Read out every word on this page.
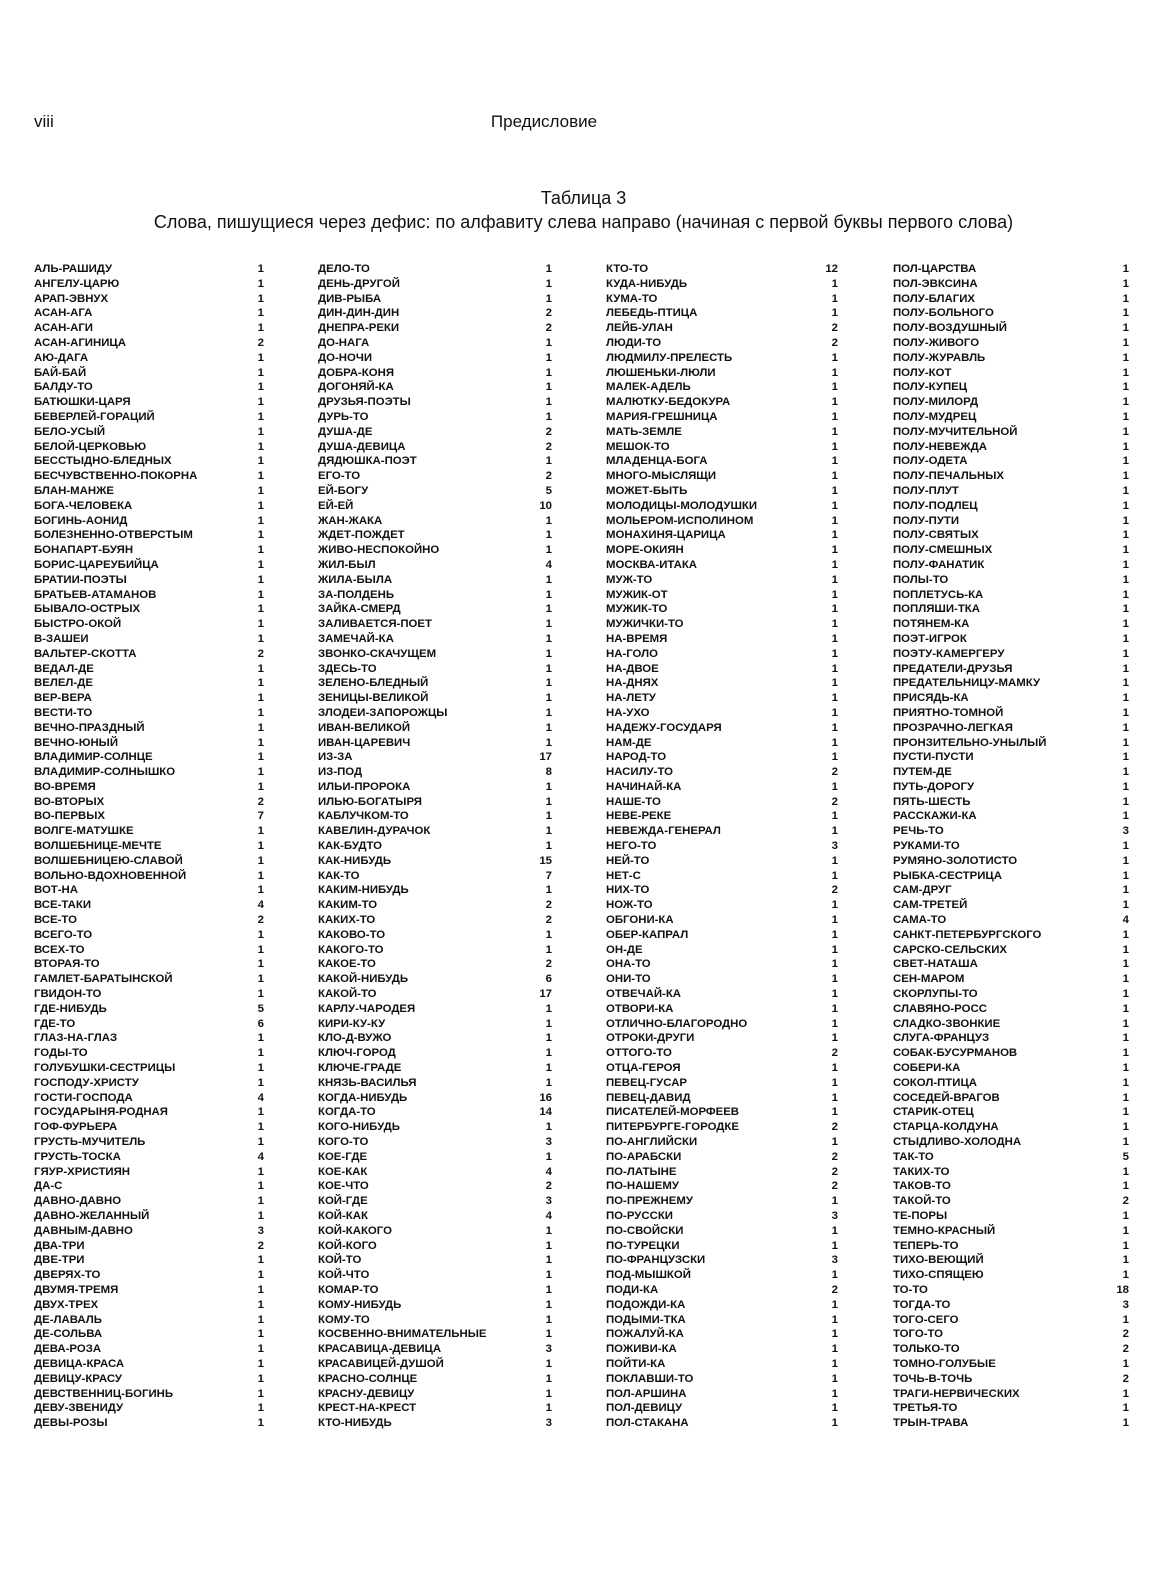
viii	Предисловие
Таблица 3
Слова, пишущиеся через дефис: по алфавиту слева направо (начиная с первой буквы первого слова)
АЛЬ-РАШИДУ	1
АНГЕЛУ-ЦАРЮ	1
АРАП-ЭВНУХ	1
АСАН-АГА	1
АСАН-АГИ	1
АСАН-АГИНИЦА	2
АЮ-ДАГА	1
БАЙ-БАЙ	1
БАЛДУ-ТО	1
БАТЮШКИ-ЦАРЯ	1
БЕВЕРЛЕЙ-ГОРАЦИЙ	1
БЕЛО-УСЫЙ	1
БЕЛОЙ-ЦЕРКОВЬЮ	1
БЕССТЫДНО-БЛЕДНЫХ	1
БЕСЧУВСТВЕННО-ПОКОРНА	1
БЛАН-МАНЖЕ	1
БОГА-ЧЕЛОВЕКА	1
БОГИНЬ-АОНИД	1
БОЛЕЗНЕННО-ОТВЕРСТЫМ	1
БОНАПАРТ-БУЯН	1
БОРИС-ЦАРЕУБИЙЦА	1
БРАТИИ-ПОЭТЫ	1
БРАТЬЕВ-АТАМАНОВ	1
БЫВАЛО-ОСТРЫХ	1
БЫСТРО-ОКОЙ	1
В-ЗАШЕИ	1
ВАЛЬТЕР-СКОТТА	2
ВЕДАЛ-ДЕ	1
ВЕЛЕЛ-ДЕ	1
ВЕР-ВЕРА	1
ВЕСТИ-ТО	1
ВЕЧНО-ПРАЗДНЫЙ	1
ВЕЧНО-ЮНЫЙ	1
ВЛАДИМИР-СОЛНЦЕ	1
ВЛАДИМИР-СОЛНЫШКО	1
ВО-ВРЕМЯ	1
ВО-ВТОРЫХ	2
ВО-ПЕРВЫХ	7
ВОЛГЕ-МАТУШКЕ	1
ВОЛШЕБНИЦЕ-МЕЧТЕ	1
ВОЛШЕБНИЦЕЮ-СЛАВОЙ	1
ВОЛЬНО-ВДОХНОВЕННОЙ	1
ВОТ-НА	1
ВСЕ-ТАКИ	4
ВСЕ-ТО	2
ВСЕГО-ТО	1
ВСЕХ-ТО	1
ВТОРАЯ-ТО	1
ГАМЛЕТ-БАРАТЫНСКОЙ	1
ГВИДОН-ТО	1
ГДЕ-НИБУДЬ	5
ГДЕ-ТО	6
ГЛАЗ-НА-ГЛАЗ	1
ГОДЫ-ТО	1
ГОЛУБУШКИ-СЕСТРИЦЫ	1
ГОСПОДУ-ХРИСТУ	1
ГОСТИ-ГОСПОДА	4
ГОСУДАРЫНЯ-РОДНАЯ	1
ГОФ-ФУРЬЕРА	1
ГРУСТЬ-МУЧИТЕЛЬ	1
ГРУСТЬ-ТОСКА	4
ГЯУР-ХРИСТИЯН	1
ДА-С	1
ДАВНО-ДАВНО	1
ДАВНО-ЖЕЛАННЫЙ	1
ДАВНЫМ-ДАВНО	3
ДВА-ТРИ	2
ДВЕ-ТРИ	1
ДВЕРЯХ-ТО	1
ДВУМЯ-ТРЕМЯ	1
ДВУХ-ТРЕХ	1
ДЕ-ЛАВАЛЬ	1
ДЕ-СОЛЬВА	1
ДЕВА-РОЗА	1
ДЕВИЦА-КРАСА	1
ДЕВИЦУ-КРАСУ	1
ДЕВСТВЕННИЦ-БОГИНЬ	1
ДЕВУ-ЗВЕНИДУ	1
ДЕВЫ-РОЗЫ	1
ДЕЛО-ТО	1
ДЕНЬ-ДРУГОЙ	1
ДИВ-РЫБА	1
ДИН-ДИН-ДИН	2
ДНЕПРА-РЕКИ	2
ДО-НАГА	1
ДО-НОЧИ	1
ДОБРА-КОНЯ	1
ДОГОНЯЙ-КА	1
ДРУЗЬЯ-ПОЭТЫ	1
ДУРЬ-ТО	1
ДУША-ДЕ	2
ДУША-ДЕВИЦА	2
ДЯДЮШКА-ПОЭТ	1
ЕГО-ТО	2
ЕЙ-БОГУ	5
ЕЙ-ЕЙ	10
ЖАН-ЖАКА	1
ЖДЕТ-ПОЖДЕТ	1
ЖИВО-НЕСПОКОЙНО	1
ЖИЛ-БЫЛ	4
ЖИЛА-БЫЛА	1
ЗА-ПОЛДЕНЬ	1
ЗАЙКА-СМЕРД	1
ЗАЛИВАЕТСЯ-ПОЕТ	1
ЗАМЕЧАЙ-КА	1
ЗВОНКО-СКАЧУЩЕМ	1
ЗДЕСЬ-ТО	1
ЗЕЛЕНО-БЛЕДНЫЙ	1
ЗЕНИЦЫ-ВЕЛИКОЙ	1
ЗЛОДЕИ-ЗАПОРОЖЦЫ	1
ИВАН-ВЕЛИКОЙ	1
ИВАН-ЦАРЕВИЧ	1
ИЗ-ЗА	17
ИЗ-ПОД	8
ИЛЬИ-ПРОРОКА	1
ИЛЬЮ-БОГАТЫРЯ	1
КАБЛУЧКОМ-ТО	1
КАВЕЛИН-ДУРАЧОК	1
КАК-БУДТО	1
КАК-НИБУДЬ	15
КАК-ТО	7
КАКИМ-НИБУДЬ	1
КАКИМ-ТО	2
КАКИХ-ТО	2
КАКОВО-ТО	1
КАКОГО-ТО	1
КАКОЕ-ТО	2
КАКОЙ-НИБУДЬ	6
КАКОЙ-ТО	17
КАРЛУ-ЧАРОДЕЯ	1
КИРИ-КУ-КУ	1
КЛО-Д-ВУЖО	1
КЛЮЧ-ГОРОД	1
КЛЮЧЕ-ГРАДЕ	1
КНЯЗЬ-ВАСИЛЬЯ	1
КОГДА-НИБУДЬ	16
КОГДА-ТО	14
КОГО-НИБУДЬ	1
КОГО-ТО	3
КОЕ-ГДЕ	1
КОЕ-КАК	4
КОЕ-ЧТО	2
КОЙ-ГДЕ	3
КОЙ-КАК	4
КОЙ-КАКОГО	1
КОЙ-КОГО	1
КОЙ-ТО	1
КОЙ-ЧТО	1
КОМАР-ТО	1
КОМУ-НИБУДЬ	1
КОМУ-ТО	1
КОСВЕННО-ВНИМАТЕЛЬНЫЕ	1
КРАСАВИЦА-ДЕВИЦА	3
КРАСАВИЦЕЙ-ДУШОЙ	1
КРАСНО-СОЛНЦЕ	1
КРАСНУ-ДЕВИЦУ	1
КРЕСТ-НА-КРЕСТ	1
КТО-НИБУДЬ	3
КТО-ТО	12
КУДА-НИБУДЬ	1
КУМА-ТО	1
ЛЕБЕДЬ-ПТИЦА	1
ЛЕЙБ-УЛАН	2
ЛЮДИ-ТО	2
ЛЮДМИЛУ-ПРЕЛЕСТЬ	1
ЛЮШЕНЬКИ-ЛЮЛИ	1
МАЛЕК-АДЕЛЬ	1
МАЛЮТКУ-БЕДОКУРА	1
МАРИЯ-ГРЕШНИЦА	1
МАТЬ-ЗЕМЛЕ	1
МЕШОК-ТО	1
МЛАДЕНЦА-БОГА	1
МНОГО-МЫСЛЯЩИ	1
МОЖЕТ-БЫТЬ	1
МОЛОДИЦЫ-МОЛОДУШКИ	1
МОЛЬЕРОМ-ИСПОЛИНОМ	1
МОНАХИНЯ-ЦАРИЦА	1
МОРЕ-ОКИЯН	1
МОСКВА-ИТАКА	1
МУЖ-ТО	1
МУЖИК-ОТ	1
МУЖИК-ТО	1
МУЖИЧКИ-ТО	1
НА-ВРЕМЯ	1
НА-ГОЛО	1
НА-ДВОЕ	1
НА-ДНЯХ	1
НА-ЛЕТУ	1
НА-УХО	1
НАДЕЖУ-ГОСУДАРЯ	1
НАМ-ДЕ	1
НАРОД-ТО	1
НАСИЛУ-ТО	2
НАЧИНАЙ-КА	1
НАШЕ-ТО	2
НЕВЕ-РЕКЕ	1
НЕВЕЖДА-ГЕНЕРАЛ	1
НЕГО-ТО	3
НЕЙ-ТО	1
НЕТ-С	1
НИХ-ТО	2
НОЖ-ТО	1
ОБГОНИ-КА	1
ОБЕР-КАПРАЛ	1
ОН-ДЕ	1
ОНА-ТО	1
ОНИ-ТО	1
ОТВЕЧАЙ-КА	1
ОТВОРИ-КА	1
ОТЛИЧНО-БЛАГОРОДНО	1
ОТРОКИ-ДРУГИ	1
ОТТОГО-ТО	2
ОТЦА-ГЕРОЯ	1
ПЕВЕЦ-ГУСАР	1
ПЕВЕЦ-ДАВИД	1
ПИСАТЕЛЕЙ-МОРФЕЕВ	1
ПИТЕРБУРГЕ-ГОРОДКЕ	2
ПО-АНГЛИЙСКИ	1
ПО-АРАБСКИ	2
ПО-ЛАТЫНЕ	2
ПО-НАШЕМУ	2
ПО-ПРЕЖНЕМУ	1
ПО-РУССКИ	3
ПО-СВОЙСКИ	1
ПО-ТУРЕЦКИ	1
ПО-ФРАНЦУЗСКИ	3
ПОД-МЫШКОЙ	1
ПОДИ-КА	2
ПОДОЖДИ-КА	1
ПОДЫМИ-ТКА	1
ПОЖАЛУЙ-КА	1
ПОЖИВИ-КА	1
ПОЙТИ-КА	1
ПОКЛАВШИ-ТО	1
ПОЛ-АРШИНА	1
ПОЛ-ДЕВИЦУ	1
ПОЛ-СТАКАНА	1
ПОЛ-ЦАРСТВА	1
ПОЛ-ЭВКСИНА	1
ПОЛУ-БЛАГИХ	1
ПОЛУ-БОЛЬНОГО	1
ПОЛУ-ВОЗДУШНЫЙ	1
ПОЛУ-ЖИВОГО	1
ПОЛУ-ЖУРАВЛЬ	1
ПОЛУ-КОТ	1
ПОЛУ-КУПЕЦ	1
ПОЛУ-МИЛОРД	1
ПОЛУ-МУДРЕЦ	1
ПОЛУ-МУЧИТЕЛЬНОЙ	1
ПОЛУ-НЕВЕЖДА	1
ПОЛУ-ОДЕТА	1
ПОЛУ-ПЕЧАЛЬНЫХ	1
ПОЛУ-ПЛУТ	1
ПОЛУ-ПОДЛЕЦ	1
ПОЛУ-ПУТИ	1
ПОЛУ-СВЯТЫХ	1
ПОЛУ-СМЕШНЫХ	1
ПОЛУ-ФАНАТИК	1
ПОЛЫ-ТО	1
ПОПЛЕТУСЬ-КА	1
ПОПЛЯШИ-ТКА	1
ПОТЯНЕМ-КА	1
ПОЭТ-ИГРОК	1
ПОЭТУ-КАМЕРГЕРУ	1
ПРЕДАТЕЛИ-ДРУЗЬЯ	1
ПРЕДАТЕЛЬНИЦУ-МАМКУ	1
ПРИСЯДЬ-КА	1
ПРИЯТНО-ТОМНОЙ	1
ПРОЗРАЧНО-ЛЕГКАЯ	1
ПРОНЗИТЕЛЬНО-УНЫЛЫЙ	1
ПУСТИ-ПУСТИ	1
ПУТЕМ-ДЕ	1
ПУТЬ-ДОРОГУ	1
ПЯТЬ-ШЕСТЬ	1
РАССКАЖИ-КА	1
РЕЧЬ-ТО	3
РУКАМИ-ТО	1
РУМЯНО-ЗОЛОТИСТО	1
РЫБКА-СЕСТРИЦА	1
САМ-ДРУГ	1
САМ-ТРЕТЕЙ	1
САМА-ТО	4
САНКТ-ПЕТЕРБУРГСКОГО	1
САРСКО-СЕЛЬСКИХ	1
СВЕТ-НАТАША	1
СЕН-МАРОМ	1
СКОРЛУПЫ-ТО	1
СЛАВЯНО-РОСС	1
СЛАДКО-ЗВОНКИЕ	1
СЛУГА-ФРАНЦУЗ	1
СОБАК-БУСУРМАНОВ	1
СОБЕРИ-КА	1
СОКОЛ-ПТИЦА	1
СОСЕДЕЙ-ВРАГОВ	1
СТАРИК-ОТЕЦ	1
СТАРЦА-КОЛДУНА	1
СТЫДЛИВО-ХОЛОДНА	1
ТАК-ТО	5
ТАКИХ-ТО	1
ТАКОВ-ТО	1
ТАКОЙ-ТО	2
ТЕ-ПОРЫ	1
ТЕМНО-КРАСНЫЙ	1
ТЕПЕРЬ-ТО	1
ТИХО-ВЕЮЩИЙ	1
ТИХО-СПЯЩЕЮ	1
ТО-ТО	18
ТОГДА-ТО	3
ТОГО-СЕГО	1
ТОГО-ТО	2
ТОЛЬКО-ТО	2
ТОМНО-ГОЛУБЫЕ	1
ТОЧЬ-В-ТОЧЬ	2
ТРАГИ-НЕРВИЧЕСКИХ	1
ТРЕТЬЯ-ТО	1
ТРЫН-ТРАВА	1
